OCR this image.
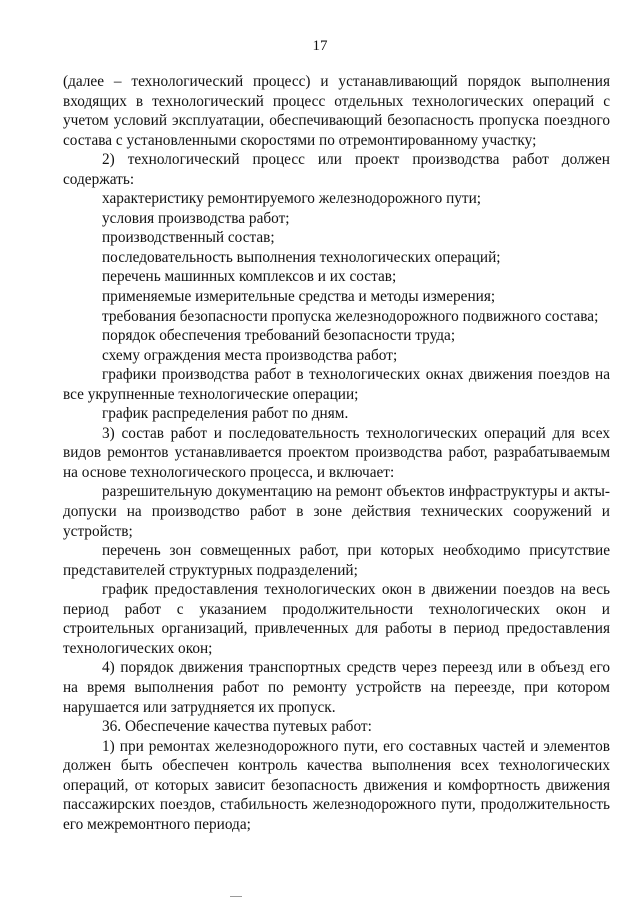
17

(далее – технологический процесс) и устанавливающий порядок выполнения входящих в технологический процесс отдельных технологических операций с учетом условий эксплуатации, обеспечивающий безопасность пропуска поездного состава с установленными скоростями по отремонтированному участку;

2) технологический процесс или проект производства работ должен содержать:

характеристику ремонтируемого железнодорожного пути;

условия производства работ;

производственный состав;

последовательность выполнения технологических операций;

перечень машинных комплексов и их состав;

применяемые измерительные средства и методы измерения;

требования безопасности пропуска железнодорожного подвижного состава;

порядок обеспечения требований безопасности труда;

схему ограждения места производства работ;

графики производства работ в технологических окнах движения поездов на все укрупненные технологические операции;

график распределения работ по дням.

3) состав работ и последовательность технологических операций для всех видов ремонтов устанавливается проектом производства работ, разрабатываемым на основе технологического процесса, и включает:

разрешительную документацию на ремонт объектов инфраструктуры и акты-допуски на производство работ в зоне действия технических сооружений и устройств;

перечень зон совмещенных работ, при которых необходимо присутствие представителей структурных подразделений;

график предоставления технологических окон в движении поездов на весь период работ с указанием продолжительности технологических окон и строительных организаций, привлеченных для работы в период предоставления технологических окон;

4) порядок движения транспортных средств через переезд или в объезд его на время выполнения работ по ремонту устройств на переезде, при котором нарушается или затрудняется их пропуск.

36. Обеспечение качества путевых работ:

1) при ремонтах железнодорожного пути, его составных частей и элементов должен быть обеспечен контроль качества выполнения всех технологических операций, от которых зависит безопасность движения и комфортность движения пассажирских поездов, стабильность железнодорожного пути, продолжительность его межремонтного периода;
